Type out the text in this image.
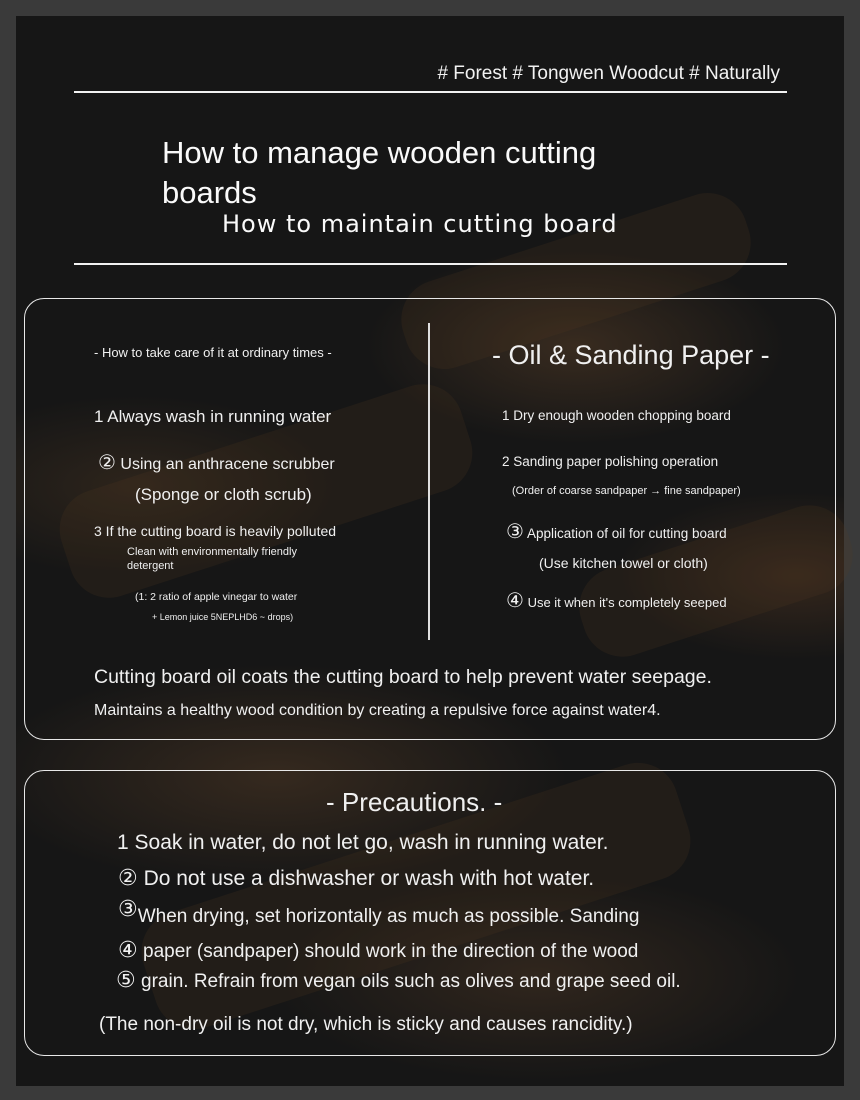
# Forest # Tongwen Woodcut # Naturally
How to manage wooden cutting boards
How to maintain cutting board
- How to take care of it at ordinary times -
1 Always wash in running water
② Using an anthracene scrubber
(Sponge or cloth scrub)
3 If the cutting board is heavily polluted
Clean with environmentally friendly
detergent
(1: 2 ratio of apple vinegar to water
+ Lemon juice 5NEPLHD6 ~ drops)
- Oil & Sanding Paper -
1 Dry enough wooden chopping board
2 Sanding paper polishing operation
(Order of coarse sandpaper → fine sandpaper)
③ Application of oil for cutting board
(Use kitchen towel or cloth)
④ Use it when it's completely seeped
Cutting board oil coats the cutting board to help prevent water seepage.
Maintains a healthy wood condition by creating a repulsive force against water4.
- Precautions. -
1 Soak in water, do not let go, wash in running water.
② Do not use a dishwasher or wash with hot water.
③When drying, set horizontally as much as possible. Sanding
④ paper (sandpaper) should work in the direction of the wood
⑤ grain. Refrain from vegan oils such as olives and grape seed oil.
(The non-dry oil is not dry, which is sticky and causes rancidity.)
